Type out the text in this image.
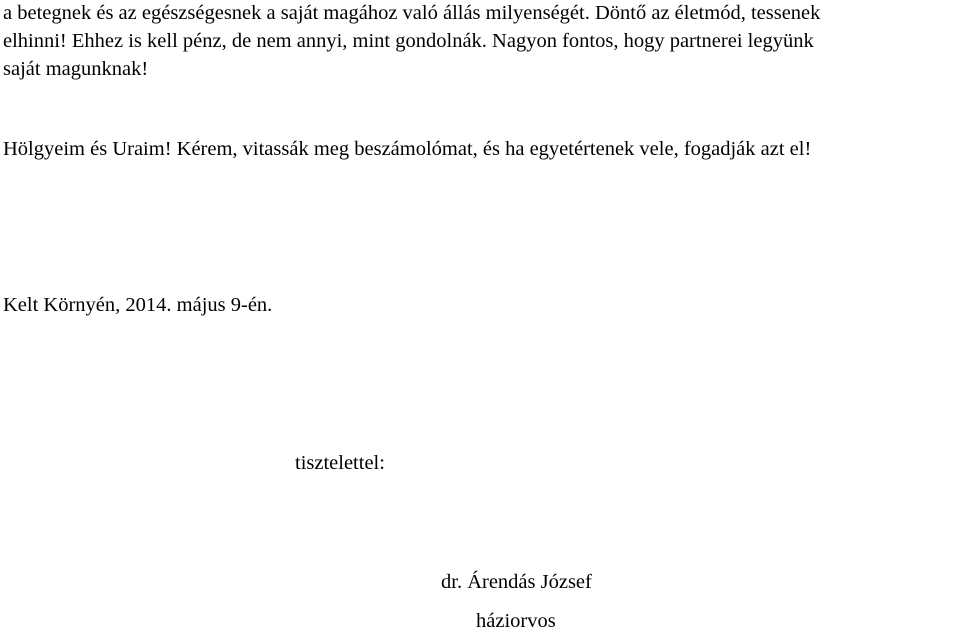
a betegnek és az egészségesnek a saját magához való állás milyenségét. Döntő az életmód, tessenek
elhinni! Ehhez is kell pénz, de nem annyi, mint gondolnák. Nagyon fontos, hogy partnerei legyünk
saját magunknak!
Hölgyeim és Uraim! Kérem, vitassák meg beszámolómat, és ha egyetértenek vele, fogadják azt el!
Kelt Környén, 2014. május 9-én.
tisztelettel:
dr. Árendás József
háziorvos
